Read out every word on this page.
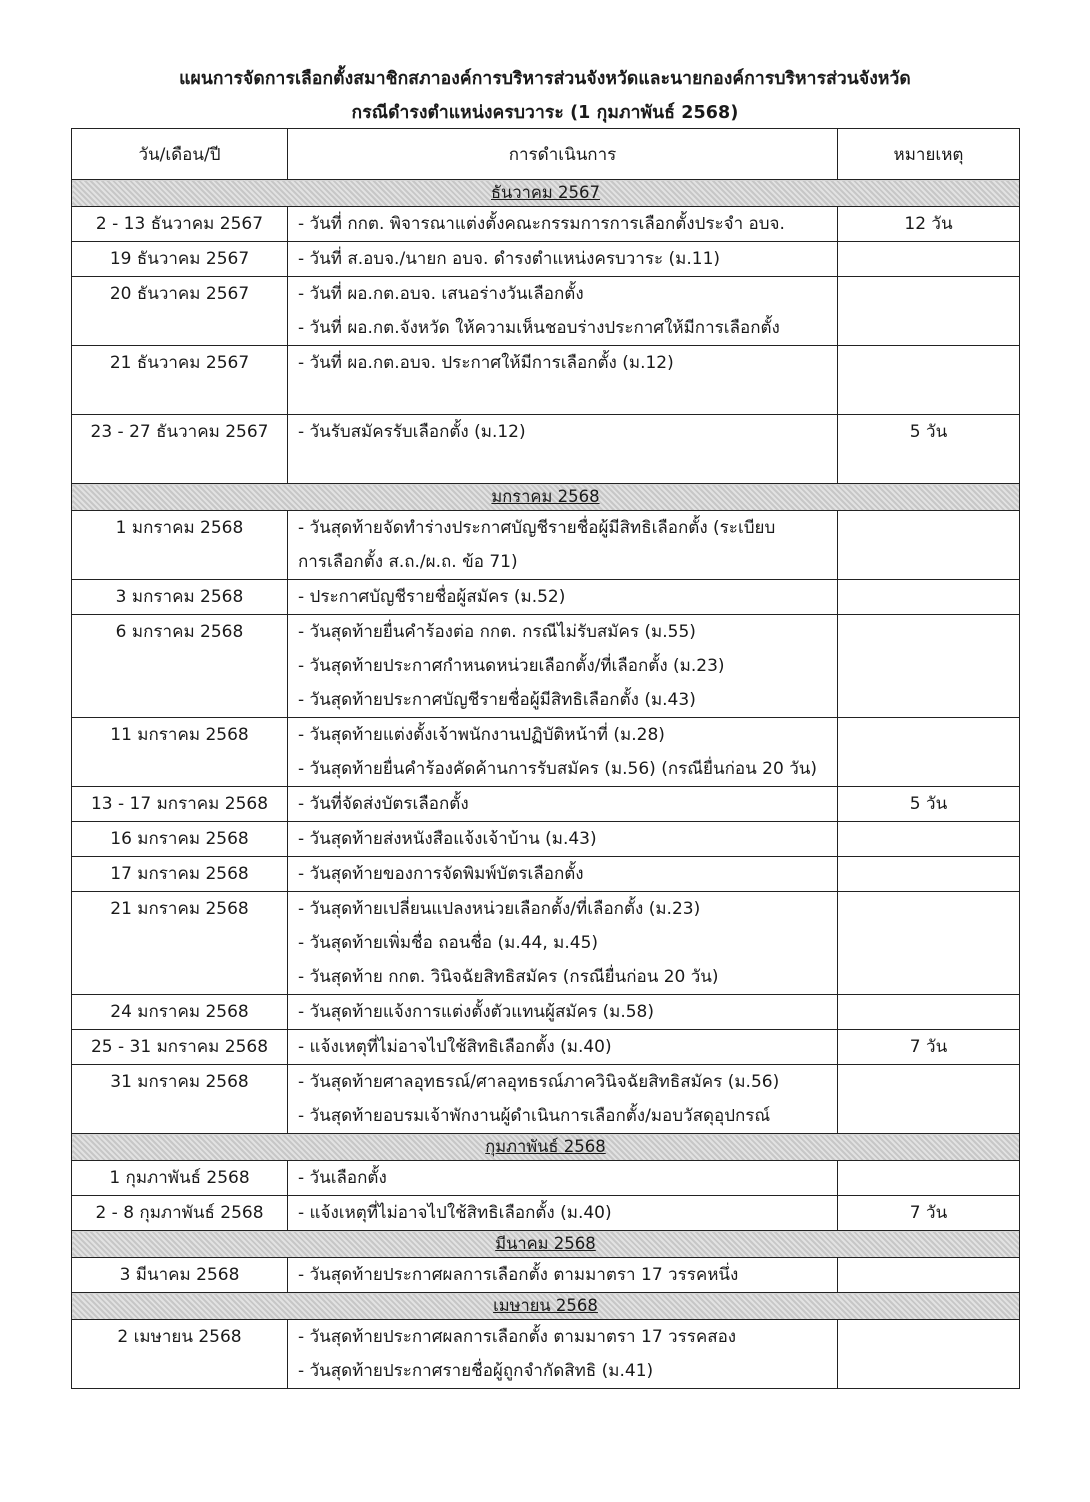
แผนการจัดการเลือกตั้งสมาชิกสภาองค์การบริหารส่วนจังหวัดและนายกองค์การบริหารส่วนจังหวัด
กรณีดำรงตำแหน่งครบวาระ (1 กุมภาพันธ์ 2568)
วัน/เดือน/ปี	การดำเนินการ	หมายเหตุ
ธันวาคม 2567		

2 - 13 ธันวาคม 2567	- วันที่ กกต. พิจารณาแต่งตั้งคณะกรรมการการเลือกตั้งประจำ อบจ.	12 วัน

19 ธันวาคม 2567	- วันที่ ส.อบจ./นายก อบจ. ดำรงตำแหน่งครบวาระ (ม.11)	

20 ธันวาคม 2567	- วันที่ ผอ.กต.อบจ. เสนอร่างวันเลือกตั้ง
- วันที่ ผอ.กต.จังหวัด ให้ความเห็นชอบร่างประกาศให้มีการเลือกตั้ง	

21 ธันวาคม 2567	- วันที่ ผอ.กต.อบจ. ประกาศให้มีการเลือกตั้ง (ม.12)	

23 - 27 ธันวาคม 2567	- วันรับสมัครรับเลือกตั้ง (ม.12)	5 วัน

มกราคม 2568		

1 มกราคม 2568	- วันสุดท้ายจัดทำร่างประกาศบัญชีรายชื่อผู้มีสิทธิเลือกตั้ง (ระเบียบ
การเลือกตั้ง ส.ถ./ผ.ถ. ข้อ 71)	

3 มกราคม 2568	- ประกาศบัญชีรายชื่อผู้สมัคร (ม.52)	

6 มกราคม 2568	- วันสุดท้ายยื่นคำร้องต่อ กกต. กรณีไม่รับสมัคร (ม.55)
- วันสุดท้ายประกาศกำหนดหน่วยเลือกตั้ง/ที่เลือกตั้ง (ม.23)
- วันสุดท้ายประกาศบัญชีรายชื่อผู้มีสิทธิเลือกตั้ง (ม.43)	

11 มกราคม 2568	- วันสุดท้ายแต่งตั้งเจ้าพนักงานปฏิบัติหน้าที่ (ม.28)
- วันสุดท้ายยื่นคำร้องคัดค้านการรับสมัคร (ม.56) (กรณียื่นก่อน 20 วัน)	

13 - 17 มกราคม 2568	- วันที่จัดส่งบัตรเลือกตั้ง	5 วัน

16 มกราคม 2568	- วันสุดท้ายส่งหนังสือแจ้งเจ้าบ้าน (ม.43)	

17 มกราคม 2568	- วันสุดท้ายของการจัดพิมพ์บัตรเลือกตั้ง	

21 มกราคม 2568	- วันสุดท้ายเปลี่ยนแปลงหน่วยเลือกตั้ง/ที่เลือกตั้ง (ม.23)
- วันสุดท้ายเพิ่มชื่อ ถอนชื่อ (ม.44, ม.45)
- วันสุดท้าย กกต. วินิจฉัยสิทธิสมัคร (กรณียื่นก่อน 20 วัน)	

24 มกราคม 2568	- วันสุดท้ายแจ้งการแต่งตั้งตัวแทนผู้สมัคร (ม.58)	

25 - 31 มกราคม 2568	- แจ้งเหตุที่ไม่อาจไปใช้สิทธิเลือกตั้ง (ม.40)	7 วัน

31 มกราคม 2568	- วันสุดท้ายศาลอุทธรณ์/ศาลอุทธรณ์ภาควินิจฉัยสิทธิสมัคร (ม.56)
- วันสุดท้ายอบรมเจ้าพักงานผู้ดำเนินการเลือกตั้ง/มอบวัสดุอุปกรณ์	

กุมภาพันธ์ 2568		

1 กุมภาพันธ์ 2568	- วันเลือกตั้ง	

2 - 8 กุมภาพันธ์ 2568	- แจ้งเหตุที่ไม่อาจไปใช้สิทธิเลือกตั้ง (ม.40)	7 วัน

มีนาคม 2568		

3 มีนาคม 2568	- วันสุดท้ายประกาศผลการเลือกตั้ง ตามมาตรา 17 วรรคหนึ่ง	

เมษายน 2568		

2 เมษายน 2568	- วันสุดท้ายประกาศผลการเลือกตั้ง ตามมาตรา 17 วรรคสอง
- วันสุดท้ายประกาศรายชื่อผู้ถูกจำกัดสิทธิ (ม.41)	
